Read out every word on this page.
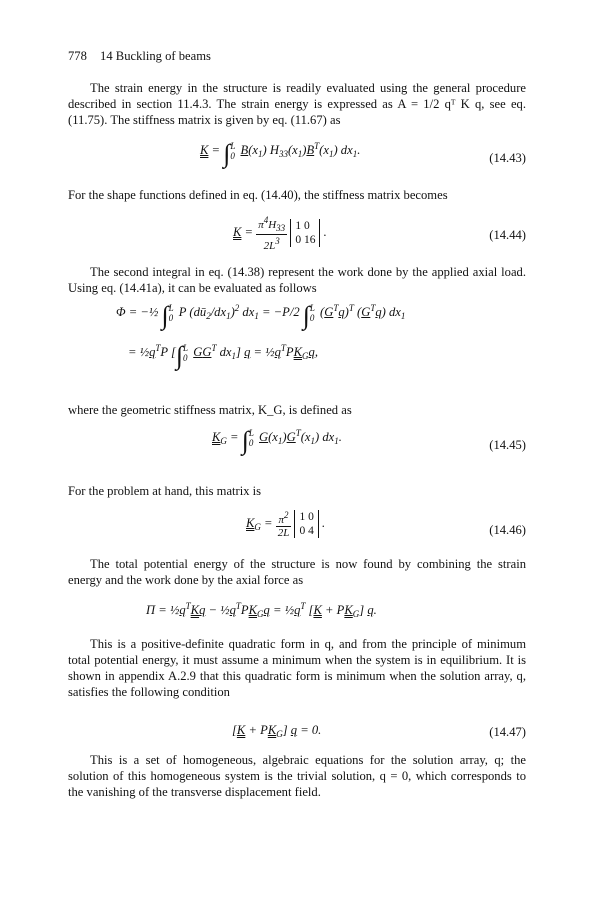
778 14 Buckling of beams
The strain energy in the structure is readily evaluated using the general procedure described in section 11.4.3. The strain energy is expressed as A = 1/2 qᵀ K q, see eq. (11.75). The stiffness matrix is given by eq. (11.67) as
K = ∫ L
0 $B(x_1)$ $H_{33}(x_1)B^T(x_1)$ $dx_1$.
(14.43)
For the shape functions defined in eq. (14.40), the stiffness matrix becomes
$K = \frac{\pi^4H_{33}}{2L^3} 1$ 0
0 16 .	(14.44)
The second integral in eq. (14.38) represent the work done by the applied axial load. Using eq. (14.41a), it can be evaluated as follows
Φ = −½ ∫ L
0 P $(dū_2/dx_1)^2$ $dx_1 = -P/2$ ∫ L
0 $(G^Tq)^T$ $(G^Tq)$ $dx_1$
= $\frac{1}{2}q^TP$ [∫ L
0 $GG^T$ $dx_1$] $q = \frac{1}{2}q^TPK_Gq$,
where the geometric stiffness matrix, K_G, is defined as
$K_G$ = ∫ L
0 $G(x_1)G^T(x_1)$ $dx_1$.
(14.45)
For the problem at hand, this matrix is
$K_G = \frac{\pi^2}{2L} 1$ 0
0 4 .
(14.46)
The total potential energy of the structure is now found by combining the strain energy and the work done by the axial force as
$\Pi = \frac{1}{2}q^TKq$ − $\frac{1}{2}q^TPK_Gq$ = $\frac{1}{2}q^T$ $[K + PK_G]$ q.
This is a positive-definite quadratic form in q, and from the principle of minimum total potential energy, it must assume a minimum when the system is in equilibrium. It is shown in appendix A.2.9 that this quadratic form is minimum when the solution array, q, satisfies the following condition
$[K + PK_G]$ q = 0.	(14.47)
This is a set of homogeneous, algebraic equations for the solution array, q; the solution of this homogeneous system is the trivial solution, q = 0, which corresponds to the vanishing of the transverse displacement field.
